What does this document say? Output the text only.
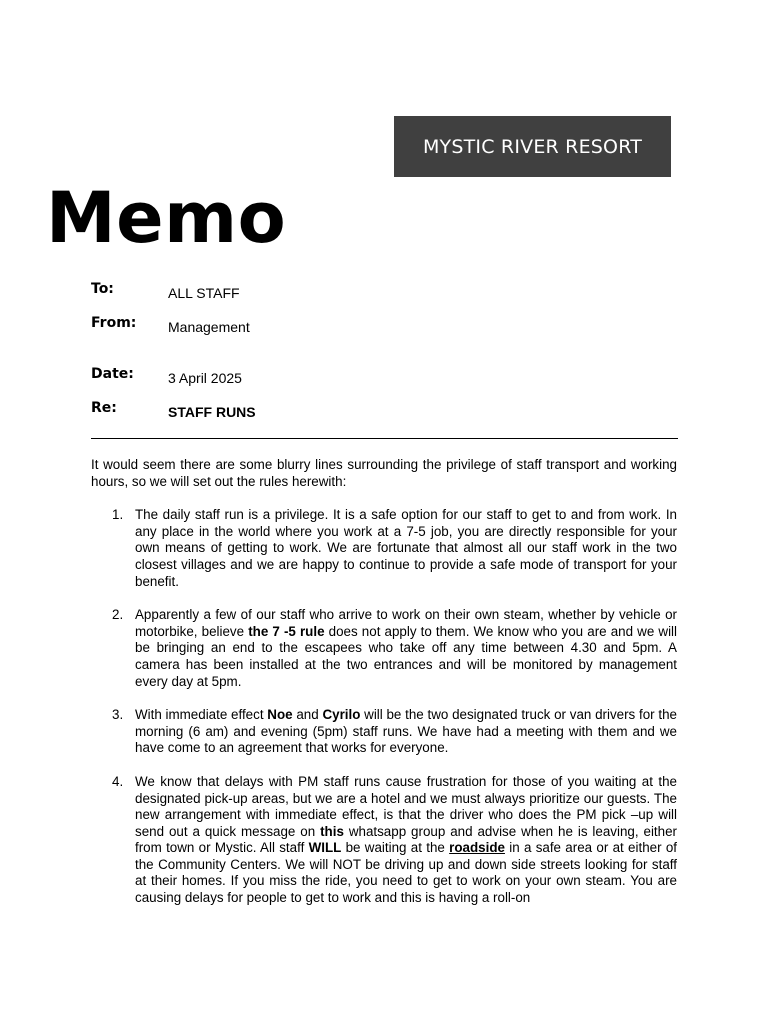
MYSTIC RIVER RESORT
Memo
To:	ALL STAFF
From: Management
Date: 3 April 2025
Re:	STAFF RUNS

It would seem there are some blurry lines surrounding the privilege of staff transport and working hours, so we will set out the rules herewith:

1. The daily staff run is a privilege. It is a safe option for our staff to get to and from work. In any place in the world where you work at a 7-5 job, you are directly responsible for your own means of getting to work. We are fortunate that almost all our staff work in the two closest villages and we are happy to continue to provide a safe mode of transport for your benefit.
2. Apparently a few of our staff who arrive to work on their own steam, whether by vehicle or motorbike, believe the 7 -5 rule does not apply to them. We know who you are and we will be bringing an end to the escapees who take off any time between 4.30 and 5pm. A camera has been installed at the two entrances and will be monitored by management every day at 5pm.
3. With immediate effect Noe and Cyrilo will be the two designated truck or van drivers for the morning (6 am) and evening (5pm) staff runs. We have had a meeting with them and we have come to an agreement that works for everyone.
4. We know that delays with PM staff runs cause frustration for those of you waiting at the designated pick-up areas, but we are a hotel and we must always prioritize our guests. The new arrangement with immediate effect, is that the driver who does the PM pick –up will send out a quick message on this whatsapp group and advise when he is leaving, either from town or Mystic. All staff WILL be waiting at the roadside in a safe area or at either of the Community Centers. We will NOT be driving up and down side streets looking for staff at their homes. If you miss the ride, you need to get to work on your own steam. You are causing delays for people to get to work and this is having a roll-on
